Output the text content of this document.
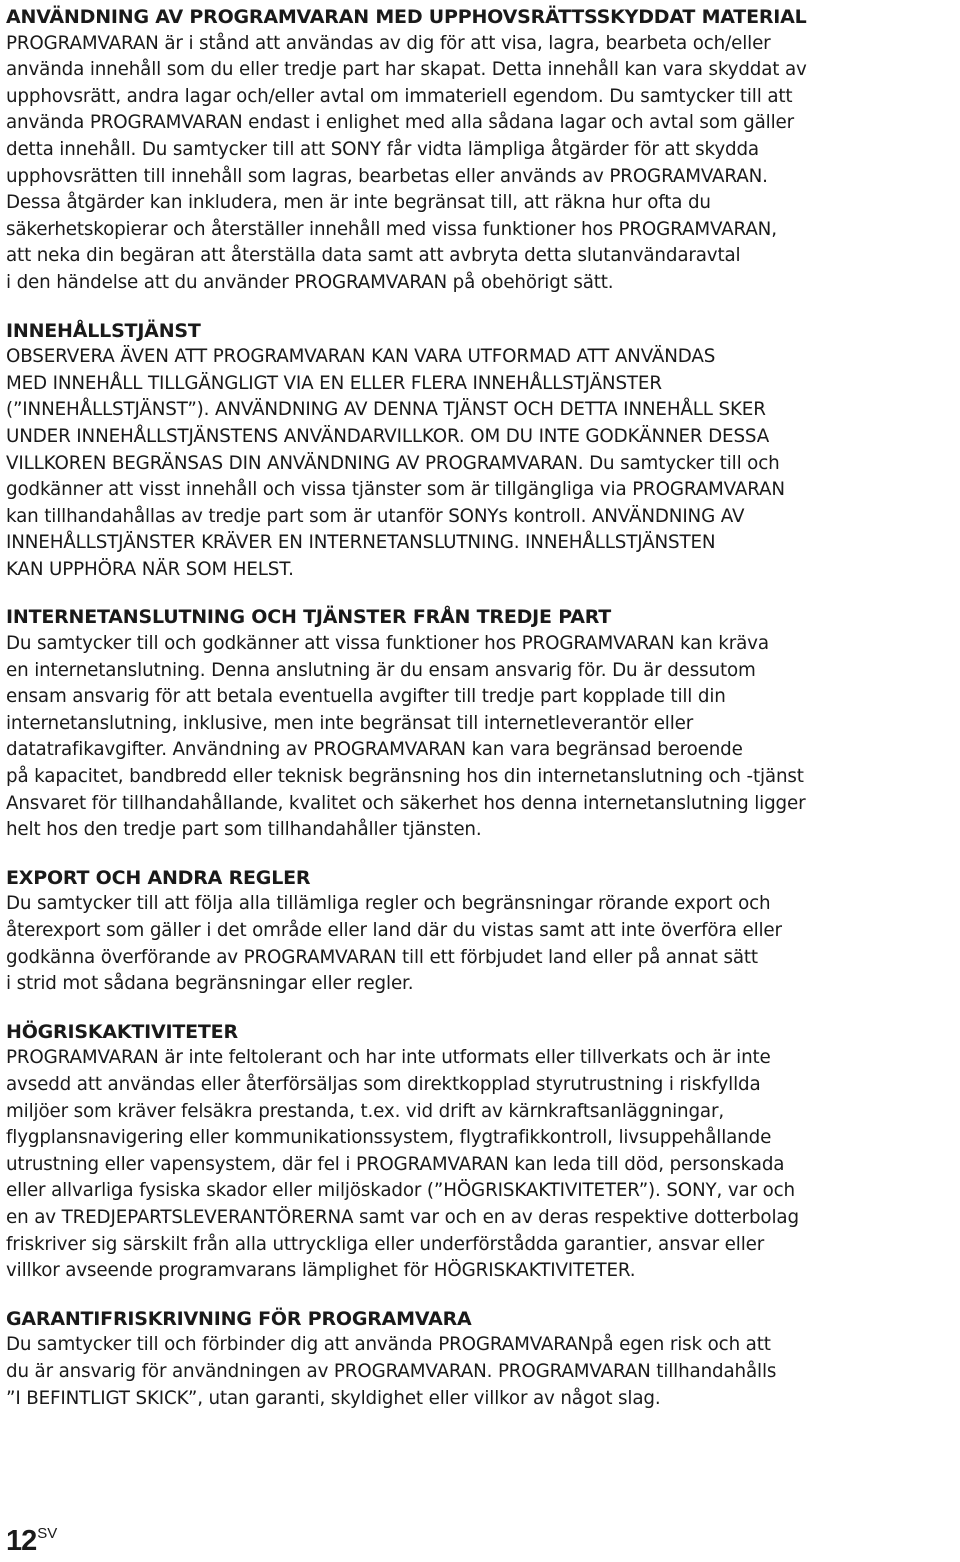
ANVÄNDNING AV PROGRAMVARAN MED UPPHOVSRÄTTSSKYDDAT MATERIAL

PROGRAMVARAN är i stånd att användas av dig för att visa, lagra, bearbeta och/eller
använda innehåll som du eller tredje part har skapat. Detta innehåll kan vara skyddat av
upphovsrätt, andra lagar och/eller avtal om immateriell egendom. Du samtycker till att
använda PROGRAMVARAN endast i enlighet med alla sådana lagar och avtal som gäller
detta innehåll. Du samtycker till att SONY får vidta lämpliga åtgärder för att skydda
upphovsrätten till innehåll som lagras, bearbetas eller används av PROGRAMVARAN.
Dessa åtgärder kan inkludera, men är inte begränsat till, att räkna hur ofta du
säkerhetskopierar och återställer innehåll med vissa funktioner hos PROGRAMVARAN,
att neka din begäran att återställa data samt att avbryta detta slutanvändaravtal
i den händelse att du använder PROGRAMVARAN på obehörigt sätt.

INNEHÅLLSTJÄNST

OBSERVERA ÄVEN ATT PROGRAMVARAN KAN VARA UTFORMAD ATT ANVÄNDAS
MED INNEHÅLL TILLGÄNGLIGT VIA EN ELLER FLERA INNEHÅLLSTJÄNSTER
(”INNEHÅLLSTJÄNST”). ANVÄNDNING AV DENNA TJÄNST OCH DETTA INNEHÅLL SKER
UNDER INNEHÅLLSTJÄNSTENS ANVÄNDARVILLKOR. OM DU INTE GODKÄNNER DESSA
VILLKOREN BEGRÄNSAS DIN ANVÄNDNING AV PROGRAMVARAN. Du samtycker till och
godkänner att visst innehåll och vissa tjänster som är tillgängliga via PROGRAMVARAN
kan tillhandahållas av tredje part som är utanför SONYs kontroll. ANVÄNDNING AV
INNEHÅLLSTJÄNSTER KRÄVER EN INTERNETANSLUTNING. INNEHÅLLSTJÄNSTEN
KAN UPPHÖRA NÄR SOM HELST.

INTERNETANSLUTNING OCH TJÄNSTER FRÅN TREDJE PART

Du samtycker till och godkänner att vissa funktioner hos PROGRAMVARAN kan kräva
en internetanslutning. Denna anslutning är du ensam ansvarig för. Du är dessutom
ensam ansvarig för att betala eventuella avgifter till tredje part kopplade till din
internetanslutning, inklusive, men inte begränsat till internetleverantör eller
datatrafikavgifter. Användning av PROGRAMVARAN kan vara begränsad beroende
på kapacitet, bandbredd eller teknisk begränsning hos din internetanslutning och -tjänst
Ansvaret för tillhandahållande, kvalitet och säkerhet hos denna internetanslutning ligger
helt hos den tredje part som tillhandahåller tjänsten.

EXPORT OCH ANDRA REGLER

Du samtycker till att följa alla tillämliga regler och begränsningar rörande export och
återexport som gäller i det område eller land där du vistas samt att inte överföra eller
godkänna överförande av PROGRAMVARAN till ett förbjudet land eller på annat sätt
i strid mot sådana begränsningar eller regler.

HÖGRISKAKTIVITETER

PROGRAMVARAN är inte feltolerant och har inte utformats eller tillverkats och är inte
avsedd att användas eller återförsäljas som direktkopplad styrutrustning i riskfyllda
miljöer som kräver felsäkra prestanda, t.ex. vid drift av kärnkraftsanläggningar,
flygplansnavigering eller kommunikationssystem, flygtrafikkontroll, livsuppehållande
utrustning eller vapensystem, där fel i PROGRAMVARAN kan leda till död, personskada
eller allvarliga fysiska skador eller miljöskador (”HÖGRISKAKTIVITETER”). SONY, var och
en av TREDJEPARTSLEVERANTÖRERNA samt var och en av deras respektive dotterbolag
friskriver sig särskilt från alla uttryckliga eller underförstådda garantier, ansvar eller
villkor avseende programvarans lämplighet för HÖGRISKAKTIVITETER.

GARANTIFRISKRIVNING FÖR PROGRAMVARA

Du samtycker till och förbinder dig att använda PROGRAMVARANpå egen risk och att
du är ansvarig för användningen av PROGRAMVARAN. PROGRAMVARAN tillhandahålls
”I BEFINTLIGT SKICK”, utan garanti, skyldighet eller villkor av något slag.

12 SV
